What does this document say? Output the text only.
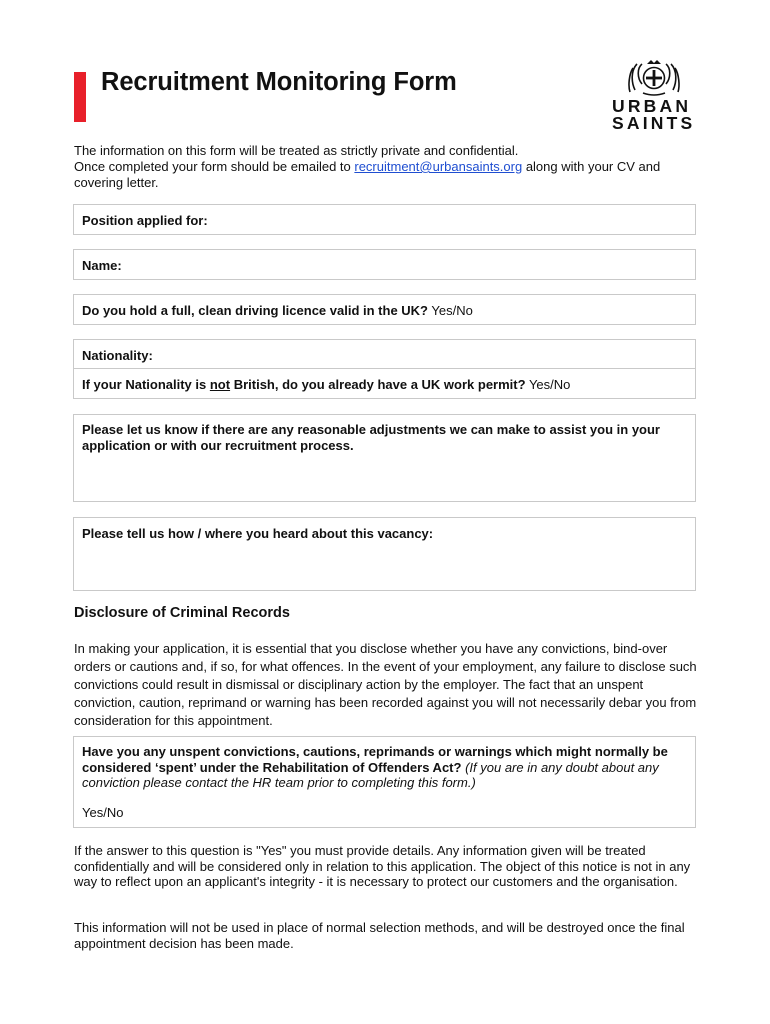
Recruitment Monitoring Form
URBAN
SAINTS
The information on this form will be treated as strictly private and confidential.
Once completed your form should be emailed to recruitment@urbansaints.org along with your CV and covering letter.
Position applied for:
Name:
Do you hold a full, clean driving licence valid in the UK? Yes/No
Nationality:
If your Nationality is not British, do you already have a UK work permit? Yes/No
Please let us know if there are any reasonable adjustments we can make to assist you in your application or with our recruitment process.
Please tell us how / where you heard about this vacancy:
Disclosure of Criminal Records

In making your application, it is essential that you disclose whether you have any convictions, bind-over orders or cautions and, if so, for what offences. In the event of your employment, any failure to disclose such convictions could result in dismissal or disciplinary action by the employer. The fact that an unspent conviction, caution, reprimand or warning has been recorded against you will not necessarily debar you from consideration for this appointment.

Have you any unspent convictions, cautions, reprimands or warnings which might normally be considered ‘spent’ under the Rehabilitation of Offenders Act? (If you are in any doubt about any conviction please contact the HR team prior to completing this form.)
Yes/No

If the answer to this question is "Yes" you must provide details. Any information given will be treated confidentially and will be considered only in relation to this application. The object of this notice is not in any way to reflect upon an applicant's integrity - it is necessary to protect our customers and the organisation.

This information will not be used in place of normal selection methods, and will be destroyed once the final appointment decision has been made.
